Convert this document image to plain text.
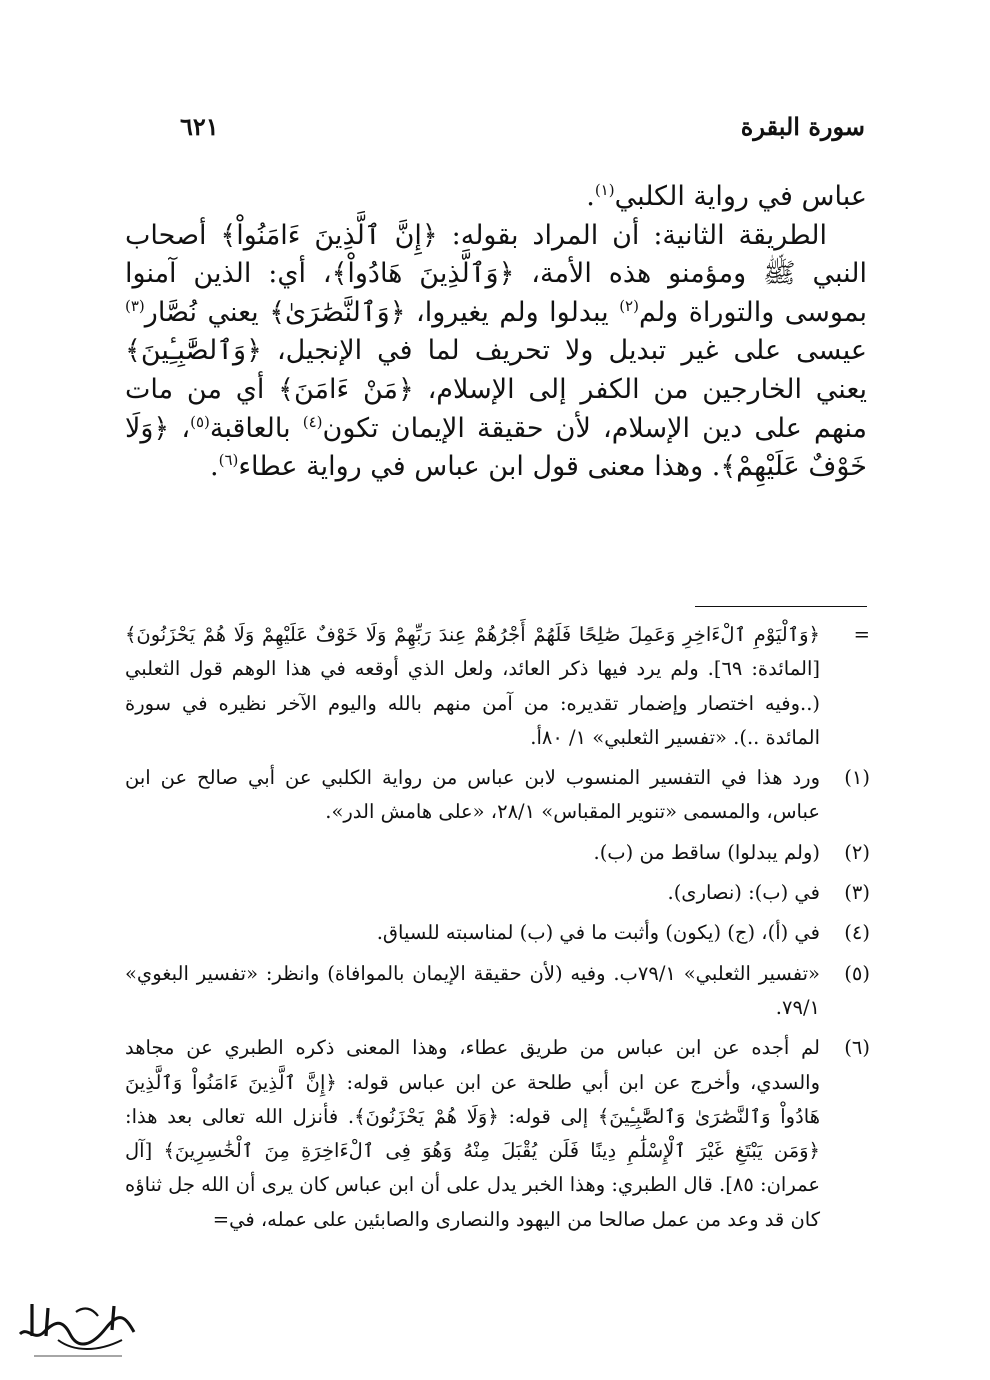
سورة البقرة
٦٢١

عباس في رواية الكلبي$^{(١)}$.

الطريقة الثانية: أن المراد بقوله: ﴿إِنَّ ٱلَّذِينَ ءَامَنُواْ﴾ أصحاب النبي ﷺ ومؤمنو هذه الأمة، ﴿وَٱلَّذِينَ هَادُواْ﴾، أي: الذين آمنوا بموسى والتوراة ولم$^{(٢)}$ يبدلوا ولم يغيروا، ﴿وَٱلنَّصَٰرَىٰ﴾ يعني نُصَّار$^{(٣)}$ عيسى على غير تبديل ولا تحريف لما في الإنجيل، ﴿وَٱلصَّٰبِـِٔينَ﴾ يعني الخارجين من الكفر إلى الإسلام، ﴿مَنْ ءَامَنَ﴾ أي من مات منهم على دين الإسلام، لأن حقيقة الإيمان تكون$^{(٤)}$ بالعاقبة$^{(٥)}$، ﴿وَلَا خَوْفٌ عَلَيْهِمْ﴾. وهذا معنى قول ابن عباس في رواية عطاء$^{(٦)}$.

=
﴿وَٱلْيَوْمِ ٱلْءَاخِرِ وَعَمِلَ صَٰلِحًا فَلَهُمْ أَجْرُهُمْ عِندَ رَبِّهِمْ وَلَا خَوْفٌ عَلَيْهِمْ وَلَا هُمْ يَحْزَنُونَ﴾ [المائدة: ٦٩]. ولم يرد فيها ذكر العائد، ولعل الذي أوقعه في هذا الوهم قول الثعلبي (..وفيه اختصار وإضمار تقديره: من آمن منهم بالله واليوم الآخر نظيره في سورة المائدة ..). «تفسير الثعلبي» ١/ ٨٠أ.
(١)
ورد هذا في التفسير المنسوب لابن عباس من رواية الكلبي عن أبي صالح عن ابن عباس، والمسمى «تنوير المقباس» ٢٨/١، «على هامش الدر».
(٢)
(ولم يبدلوا) ساقط من (ب).
(٣)
في (ب): (نصارى).
(٤)
في (أ)، (ج) (يكون) وأثبت ما في (ب) لمناسبته للسياق.
(٥)
«تفسير الثعلبي» ٧٩/١ب. وفيه (لأن حقيقة الإيمان بالموافاة) وانظر: «تفسير البغوي» ٧٩/١.
(٦)
لم أجده عن ابن عباس من طريق عطاء، وهذا المعنى ذكره الطبري عن مجاهد والسدي، وأخرج عن ابن أبي طلحة عن ابن عباس قوله: ﴿إِنَّ ٱلَّذِينَ ءَامَنُواْ وَٱلَّذِينَ هَادُواْ وَٱلنَّصَٰرَىٰ وَٱلصَّٰبِـِٔينَ﴾ إلى قوله: ﴿وَلَا هُمْ يَحْزَنُونَ﴾. فأنزل الله تعالى بعد هذا: ﴿وَمَن يَبْتَغِ غَيْرَ ٱلْإِسْلَٰمِ دِينًا فَلَن يُقْبَلَ مِنْهُ وَهُوَ فِى ٱلْءَاخِرَةِ مِنَ ٱلْخَٰسِرِينَ﴾ [آل عمران: ٨٥]. قال الطبري: وهذا الخبر يدل على أن ابن عباس كان يرى أن الله جل ثناؤه كان قد وعد من عمل صالحا من اليهود والنصارى والصابئين على عمله، في=
